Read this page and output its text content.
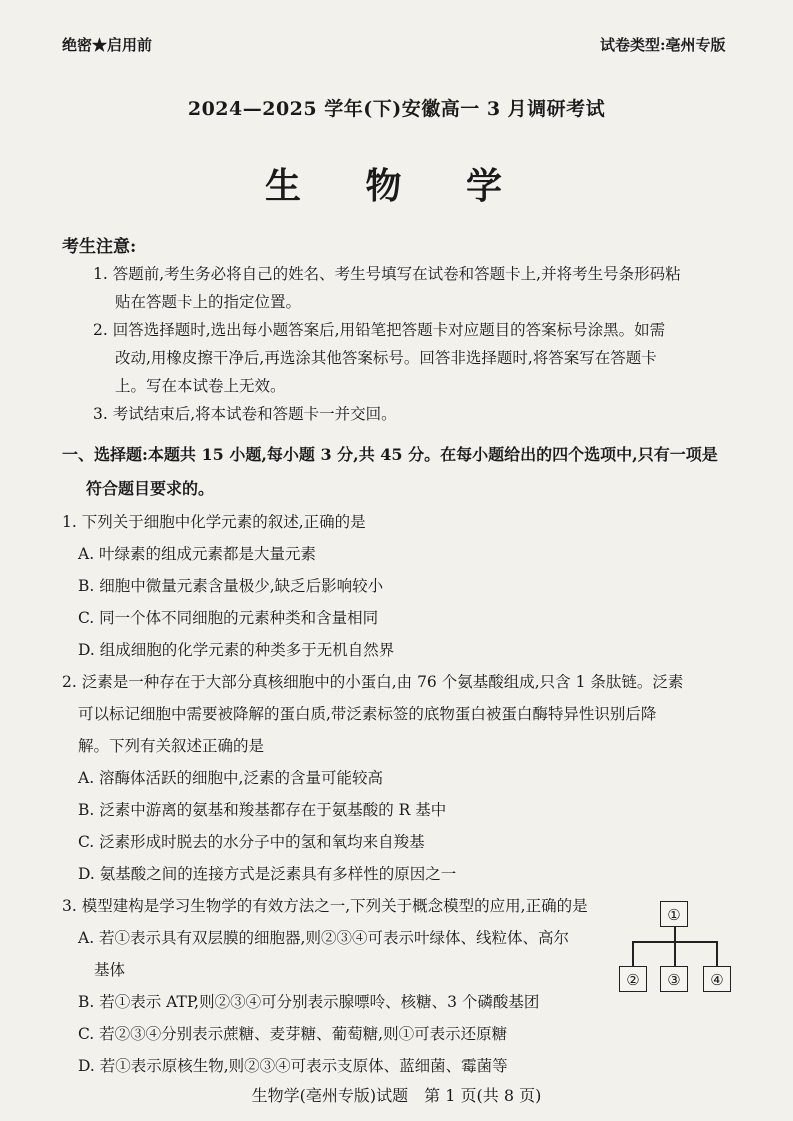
绝密★启用前	试卷类型:亳州专版
2024—2025 学年(下)安徽高一 3 月调研考试
生 物 学
考生注意:
1. 答题前,考生务必将自己的姓名、考生号填写在试卷和答题卡上,并将考生号条形码粘
贴在答题卡上的指定位置。
2. 回答选择题时,选出每小题答案后,用铅笔把答题卡对应题目的答案标号涂黑。如需
改动,用橡皮擦干净后,再选涂其他答案标号。回答非选择题时,将答案写在答题卡
上。写在本试卷上无效。
3. 考试结束后,将本试卷和答题卡一并交回。
一、选择题:本题共 15 小题,每小题 3 分,共 45 分。在每小题给出的四个选项中,只有一项是
符合题目要求的。
1. 下列关于细胞中化学元素的叙述,正确的是
A. 叶绿素的组成元素都是大量元素
B. 细胞中微量元素含量极少,缺乏后影响较小
C. 同一个体不同细胞的元素种类和含量相同
D. 组成细胞的化学元素的种类多于无机自然界
2. 泛素是一种存在于大部分真核细胞中的小蛋白,由 76 个氨基酸组成,只含 1 条肽链。泛素
可以标记细胞中需要被降解的蛋白质,带泛素标签的底物蛋白被蛋白酶特异性识别后降
解。下列有关叙述正确的是
A. 溶酶体活跃的细胞中,泛素的含量可能较高
B. 泛素中游离的氨基和羧基都存在于氨基酸的 R 基中
C. 泛素形成时脱去的水分子中的氢和氧均来自羧基
D. 氨基酸之间的连接方式是泛素具有多样性的原因之一
3. 模型建构是学习生物学的有效方法之一,下列关于概念模型的应用,正确的是
A. 若①表示具有双层膜的细胞器,则②③④可表示叶绿体、线粒体、高尔
基体
B. 若①表示 ATP,则②③④可分别表示腺嘌呤、核糖、3 个磷酸基团
C. 若②③④分别表示蔗糖、麦芽糖、葡萄糖,则①可表示还原糖
D. 若①表示原核生物,则②③④可表示支原体、蓝细菌、霉菌等
①
②	③	④
生物学(亳州专版)试题　第 1 页(共 8 页)
